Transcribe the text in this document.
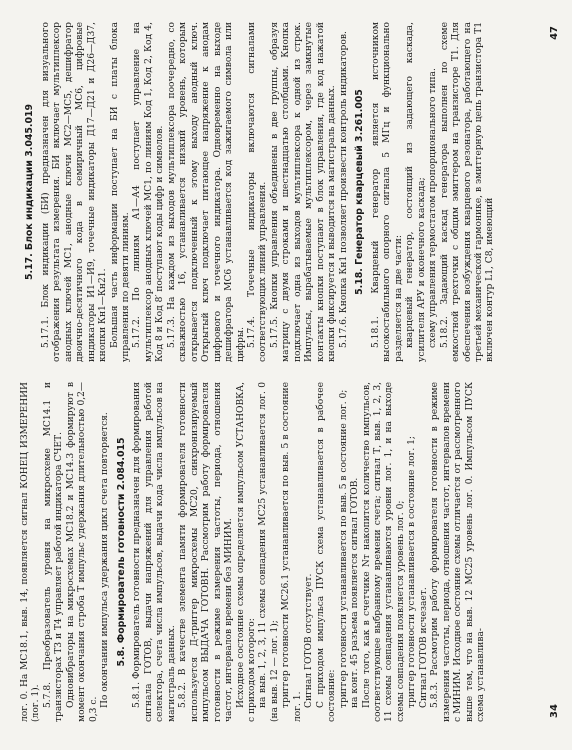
лог. 0. На МС18.1, выв. 14, появляется сигнал КОНЕЦ ИЗМЕРЕНИЙ (лог. 1). 5.7.8. Преобразователь уровня на микросхеме МС14.1 и транзисторах Т3 и Т4 управляет работой индикатора СЧЕТ. Одновибраторы на микросхемах МС18.2 и МС14.3 формируют в момент окончания строба Т импульс удержания длительностью 0,2—0,3 с.

По окончании импульса удержания цикл счета повторяется. 5.8. Формирователь готовности 2.084.015 5.8.1. Формирователь готовности предназначен для формирования сигнала ГОТОВ, выдачи напряжений для управления работой селектора, счета числа импульсов, выдачи кода числа импульсов на магистраль данных. 5.8.2. В качестве элемента памяти формирователя готовности используется Д-триггер микросхемы МС20, синхронизируемый импульсом ВЫДАЧА ГОТОВН. Рассмотрим работу формирователя готовности в режиме измерения частоты, периода, отношения частот, интервалов времени без МИНИМ. Исходное состояние схемы определяется импульсом УСТАНОВКА, с приходом которого: на выв. 1, 2, 3, 11 схемы совпадения МС25 устанавливается лог. 0 (на выв. 12 — лог. 1); триггер готовности МС26.1 устанавливается по выв. 5 в состояние лог. 1. Сигнал ГОТОВ отсутствует. С приходом импульса ПУСК схема устанавливается в рабочее состояние: триггер готовности устанавливается по выв. 5 в состояние лог. 0; на конт. 45 разъема появляется сигнал ГОТОВ. После того, как в счетчике Nт накопится количество импульсов, соответствующее выбранному времени счета; сигнал Т, выв. 1, 2, 3, 11 схемы совпадения устанавливаются уровни лог. 1, и на выходе схемы совпадения появляется уровень лог. 0; триггер готовности устанавливается в состояние лог. 1; Сигнал ГОТОВ исчезает. 5.8.3. Рассмотрим работу формирователя готовности в режиме измерения частоты, периода, отношения частот, интервалов времени с МИНИМ. Исходное состояние схемы отличается от рассмотренного выше тем, что на выв. 12 МС25 уровень лог. 0. Импульсом ПУСК схема устанавлива-	34
5.17. Блок индикации 3.045.019 5.17.1. Блок индикации (БИ) предназначен для визуального отображения результата измерения. БИ включает мультиплексор анодных ключей МС1, анодные ключи МС2—МС5, дешифратор двоично-десятичного кода в семиричный МС6, цифровые индикаторы И1—И9, точечные индикаторы Д17—Д21 и Д26—Д37, кнопки Кн1—Кн21. Большая часть информации поступает на БИ с платы блока управления по девяти линиям. 5.17.2. По линиям А1—А4 поступает управление на мультиплексор анодных ключей МС1, по линиям Код 1, Код 2, Код 4, Код 8 и Код 8′ поступают коды цифр и символов. 5.17.3. На каждом из выходов мультиплексора поочередно, со скважностью 16, устанавливается низкий уровень, которым открывается подключенный к этому выходу анодный ключ. Открытый ключ подключает питающее напряжение к анодам цифрового и точечного индикатора. Одновременно на выходе дешифратора МС6 устанавливается код зажигаемого символа или цифры. 5.17.4. Точечные индикаторы включаются сигналами соответствующих линий управления. 5.17.5. Кнопки управления объединены в две группы, образуя матрицу с двумя строками и шестнадцатью столбцами. Кнопка подключает одна из выходов мультиплексора к одной из строк. Импульсы, вырабатываемые мультиплексором, через замкнутые контакты кнопки поступают в блок управления, где код нажатой кнопки фиксируется и выводится на магистраль данных. 5.17.6. Кнопка Кн1 позволяет произвести контроль индикаторов. 5.18. Генератор кварцевый 3.261.005 5.18.1. Кварцевый генератор является источником высокостабильного опорного сигнала 5 МГц и функционально разделяется на две части: кварцевый генератор, состоящий из задающего каскада, усилителя АРУ и оконечного каскада; схему управления термостатом пропорционального типа. 5.18.2. Задающий каскад генератора выполнен по схеме емкостной трехточки с общим эмиттером на транзисторе Т1. Для обеспечения возбуждения кварцевого резонатора, работающего на третьей механической гармонике, в эмиттерную цепь транзистора Т1 включен контур L1, С8, имеющий

47
